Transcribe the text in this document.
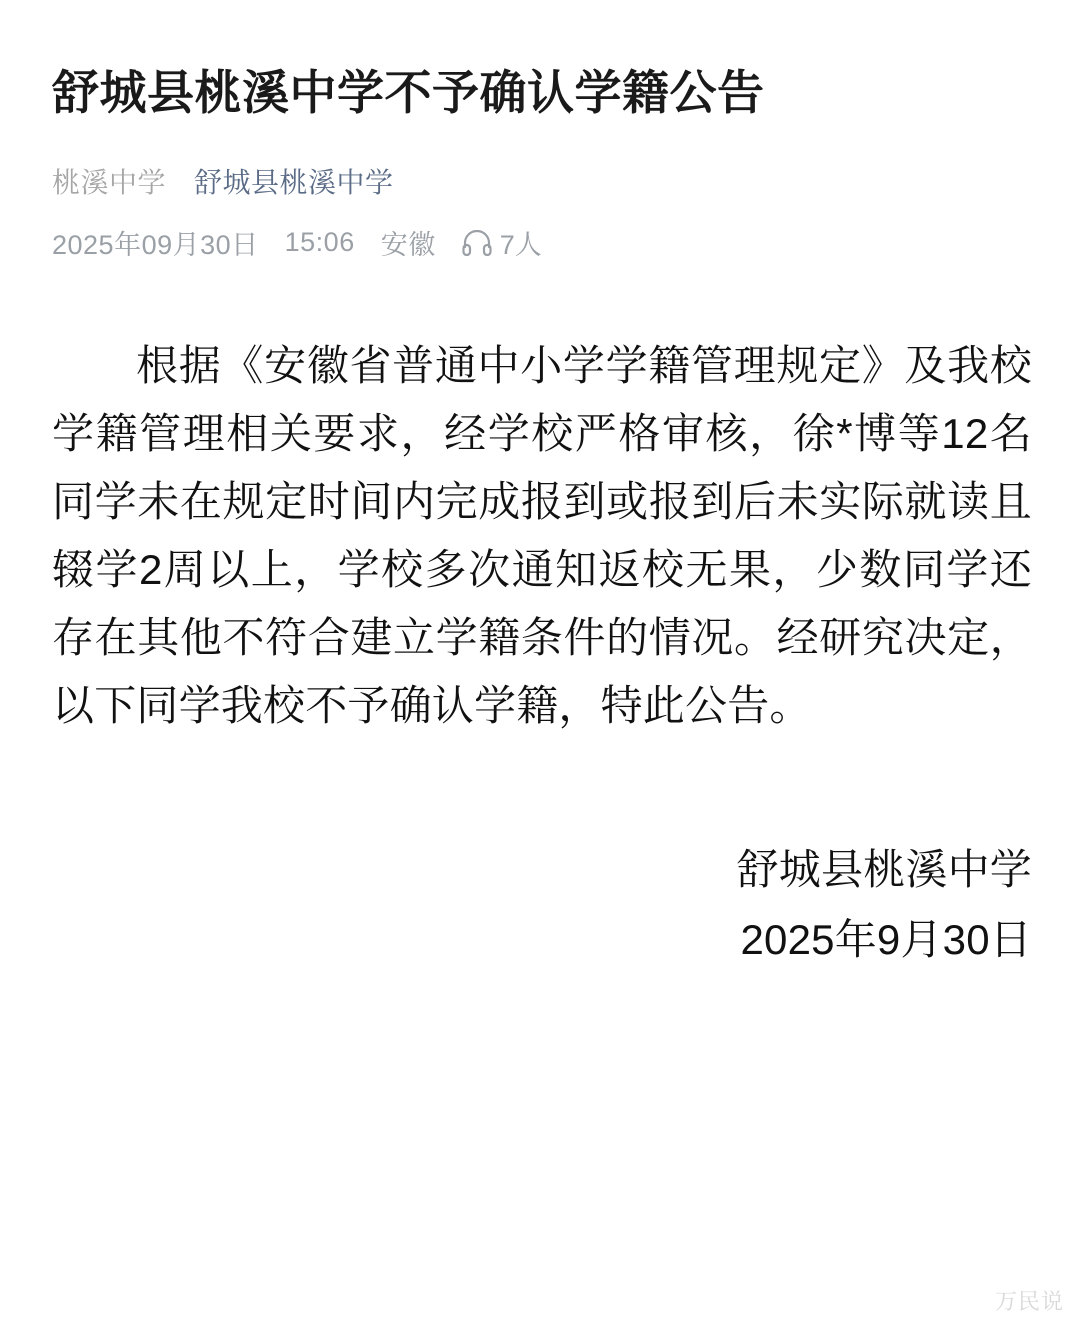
舒城县桃溪中学不予确认学籍公告
桃溪中学 舒城县桃溪中学
2025年09月30日 15:06 安徽 7人

根据《安徽省普通中小学学籍管理规定》及我校学籍管理相关要求，经学校严格审核，徐*博等12名同学未在规定时间内完成报到或报到后未实际就读且辍学2周以上，学校多次通知返校无果，少数同学还存在其他不符合建立学籍条件的情况。经研究决定，以下同学我校不予确认学籍，特此公告。

舒城县桃溪中学
2025年9月30日
万民说
